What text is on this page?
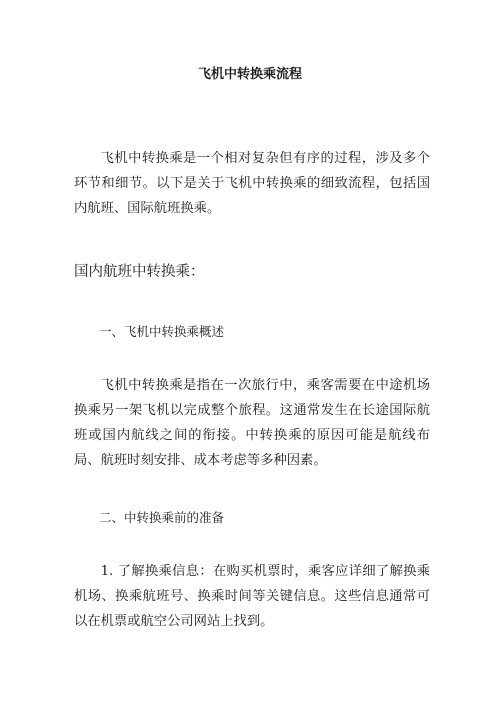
飞机中转换乘流程

飞机中转换乘是一个相对复杂但有序的过程，涉及多个环节和细节。以下是关于飞机中转换乘的细致流程，包括国内航班、国际航班换乘。

国内航班中转换乘：
一、飞机中转换乘概述

飞机中转换乘是指在一次旅行中，乘客需要在中途机场换乘另一架飞机以完成整个旅程。这通常发生在长途国际航班或国内航线之间的衔接。中转换乘的原因可能是航线布局、航班时刻安排、成本考虑等多种因素。

二、中转换乘前的准备

1. 了解换乘信息：在购买机票时，乘客应详细了解换乘机场、换乘航班号、换乘时间等关键信息。这些信息通常可以在机票或航空公司网站上找到。
